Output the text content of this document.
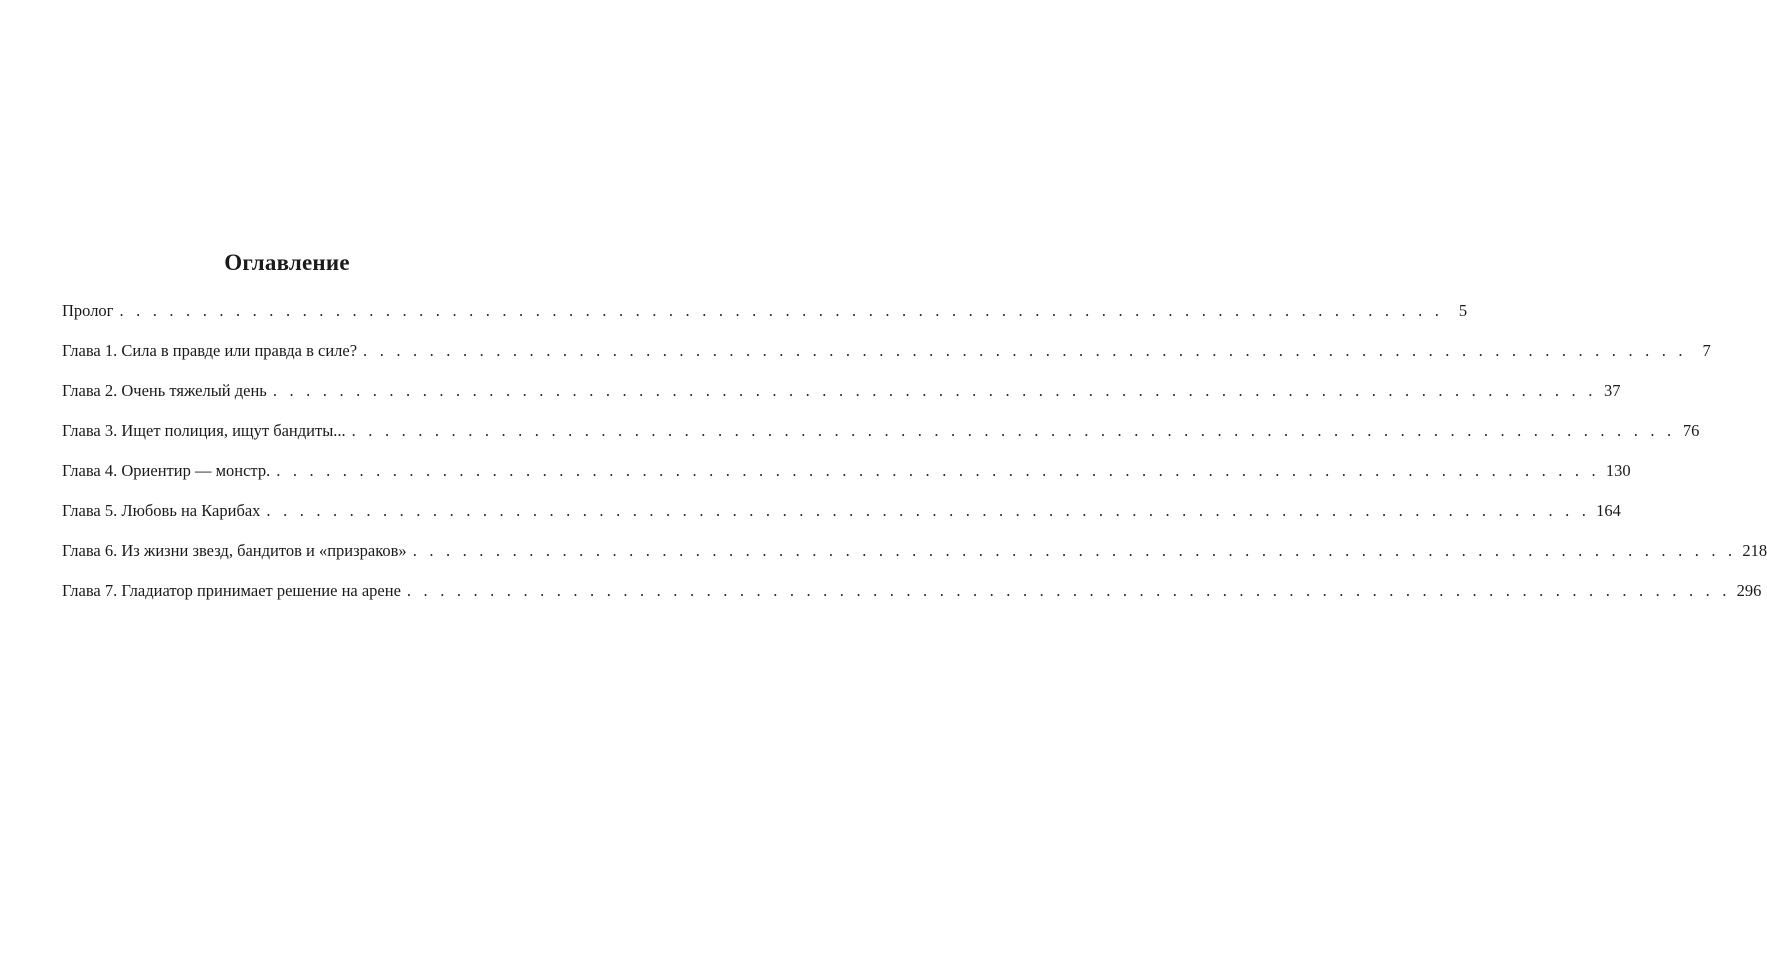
Оглавление
Пролог . . . . . . . . . . . . . . . . . . . . . . . . . . . . . . . . . . . . . . . . . . . . . . . . . . . . . . . . . . . . . . . . . . . . . . . . . . . . . . . . 5
Глава 1. Сила в правде или правда в силе? . . . . . . . . . . . . . . . . . . . . . . . . . . . . . . . . . . . . . . . . . . . . . . . . . . . . . . . . . . . . . . . . . . . . . . . . . . . . . . . . 7
Глава 2. Очень тяжелый день . . . . . . . . . . . . . . . . . . . . . . . . . . . . . . . . . . . . . . . . . . . . . . . . . . . . . . . . . . . . . . . . . . . . . . . . . . . . . . . . 37
Глава 3. Ищет полиция, ищут бандиты... . . . . . . . . . . . . . . . . . . . . . . . . . . . . . . . . . . . . . . . . . . . . . . . . . . . . . . . . . . . . . . . . . . . . . . . . . . . . . . . . 76
Глава 4. Ориентир — монстр. . . . . . . . . . . . . . . . . . . . . . . . . . . . . . . . . . . . . . . . . . . . . . . . . . . . . . . . . . . . . . . . . . . . . . . . . . . . . . . . . 130
Глава 5. Любовь на Карибах . . . . . . . . . . . . . . . . . . . . . . . . . . . . . . . . . . . . . . . . . . . . . . . . . . . . . . . . . . . . . . . . . . . . . . . . . . . . . . . . 164
Глава 6. Из жизни звезд, бандитов и «призраков» . . . . . . . . . . . . . . . . . . . . . . . . . . . . . . . . . . . . . . . . . . . . . . . . . . . . . . . . . . . . . . . . . . . . . . . . . . . . . . . . 218
Глава 7. Гладиатор принимает решение на арене . . . . . . . . . . . . . . . . . . . . . . . . . . . . . . . . . . . . . . . . . . . . . . . . . . . . . . . . . . . . . . . . . . . . . . . . . . . . . . . . 296
